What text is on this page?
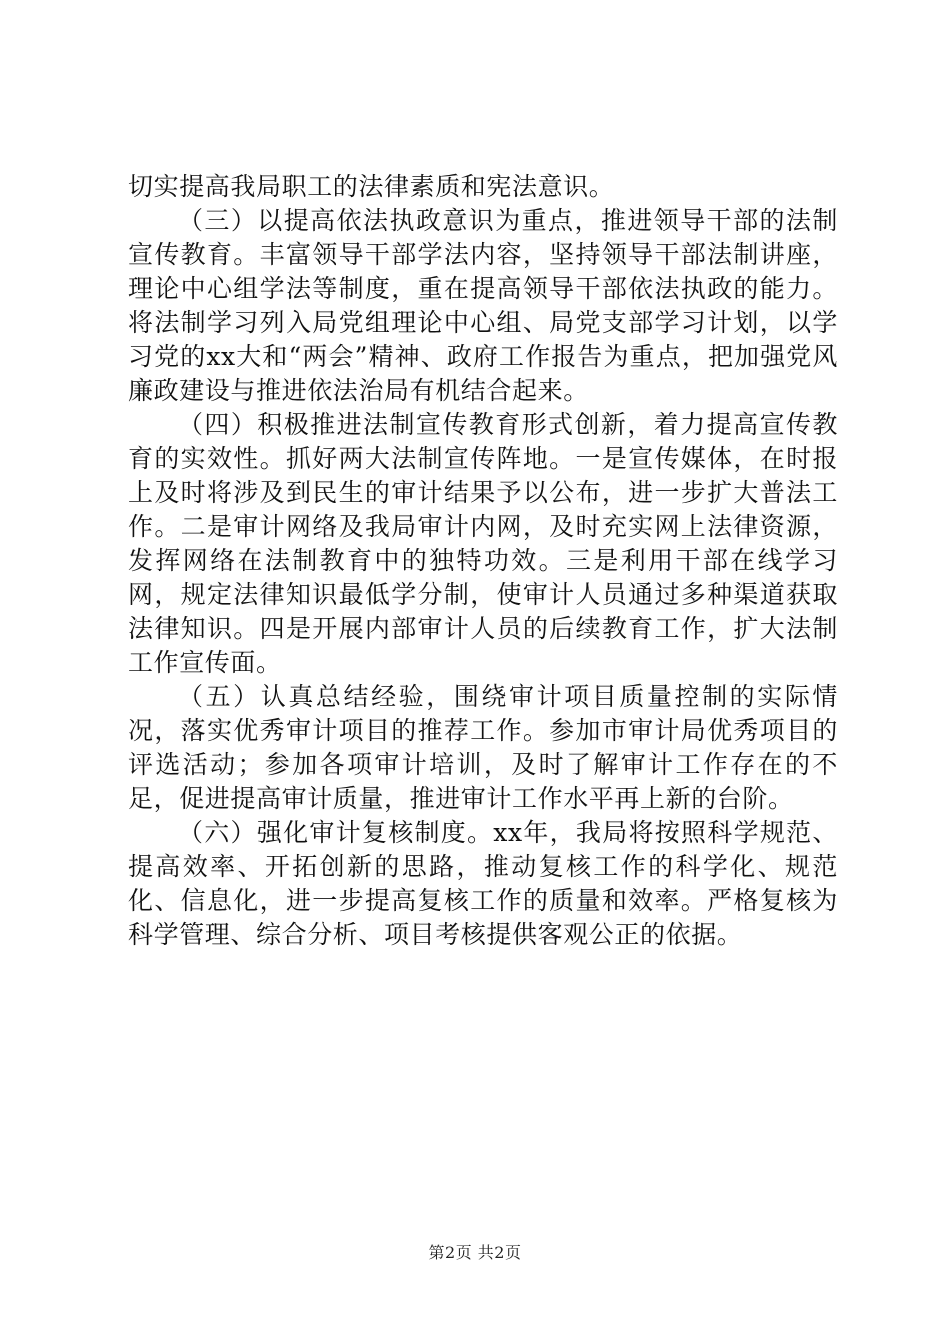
切实提高我局职工的法律素质和宪法意识。

（三）以提高依法执政意识为重点，推进领导干部的法制宣传教育。丰富领导干部学法内容，坚持领导干部法制讲座，理论中心组学法等制度，重在提高领导干部依法执政的能力。将法制学习列入局党组理论中心组、局党支部学习计划，以学习党的xx大和“两会”精神、政府工作报告为重点，把加强党风廉政建设与推进依法治局有机结合起来。

（四）积极推进法制宣传教育形式创新，着力提高宣传教育的实效性。抓好两大法制宣传阵地。一是宣传媒体，在时报上及时将涉及到民生的审计结果予以公布，进一步扩大普法工作。二是审计网络及我局审计内网，及时充实网上法律资源，发挥网络在法制教育中的独特功效。三是利用干部在线学习网，规定法律知识最低学分制，使审计人员通过多种渠道获取法律知识。四是开展内部审计人员的后续教育工作，扩大法制工作宣传面。

（五）认真总结经验，围绕审计项目质量控制的实际情况，落实优秀审计项目的推荐工作。参加市审计局优秀项目的评选活动；参加各项审计培训，及时了解审计工作存在的不足，促进提高审计质量，推进审计工作水平再上新的台阶。

（六）强化审计复核制度。xx年，我局将按照科学规范、提高效率、开拓创新的思路，推动复核工作的科学化、规范化、信息化，进一步提高复核工作的质量和效率。严格复核为科学管理、综合分析、项目考核提供客观公正的依据。

第2页 共2页
